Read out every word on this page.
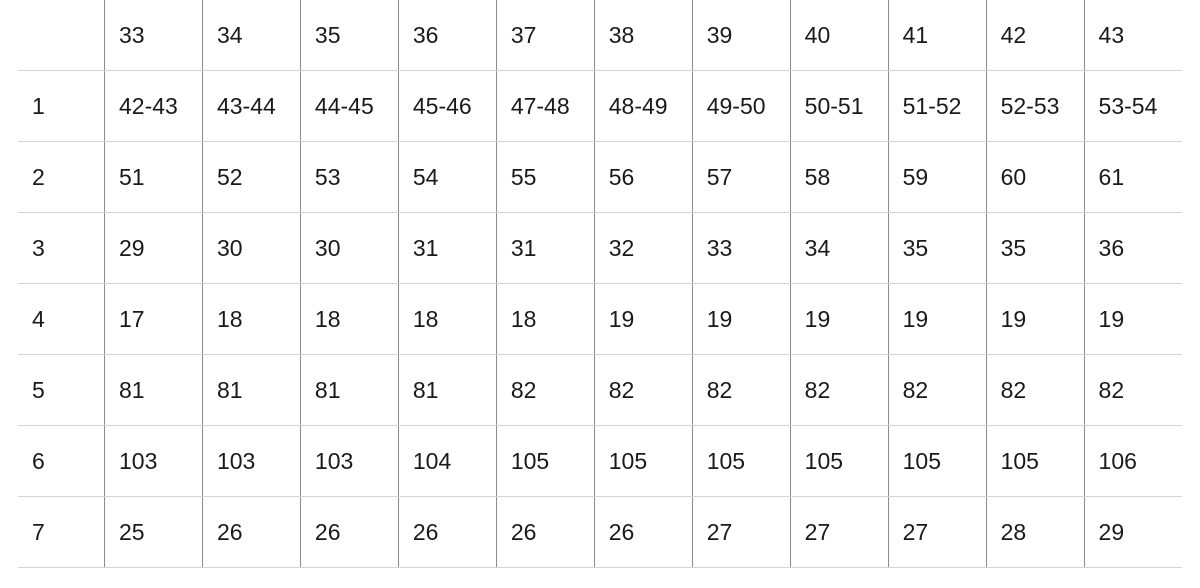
	33	34	35	36	37	38	39	40	41	42	43
1	42-43	43-44	44-45	45-46	47-48	48-49	49-50	50-51	51-52	52-53	53-54
2	51	52	53	54	55	56	57	58	59	60	61
3	29	30	30	31	31	32	33	34	35	35	36
4	17	18	18	18	18	19	19	19	19	19	19
5	81	81	81	81	82	82	82	82	82	82	82
6	103	103	103	104	105	105	105	105	105	105	106
7	25	26	26	26	26	26	27	27	27	28	29
